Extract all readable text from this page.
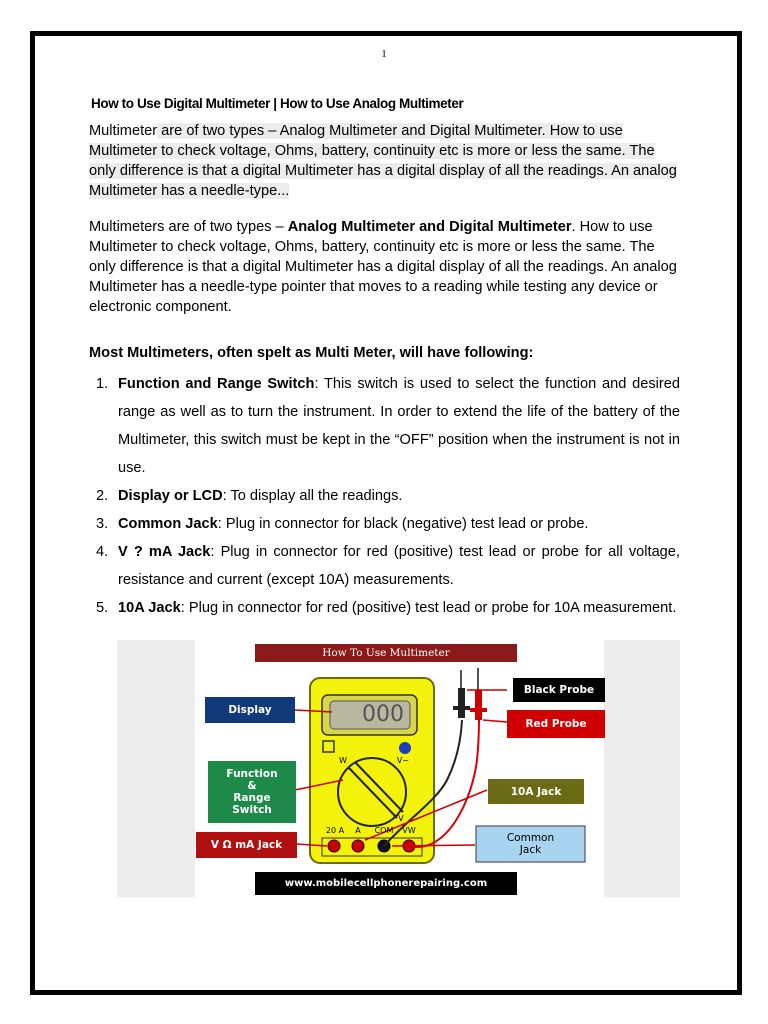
1
How to Use Digital Multimeter | How to Use Analog Multimeter
Multimeter are of two types – Analog Multimeter and Digital Multimeter. How to use Multimeter to check voltage, Ohms, battery, continuity etc is more or less the same. The only difference is that a digital Multimeter has a digital display of all the readings. An analog Multimeter has a needle-type...
Multimeters are of two types – Analog Multimeter and Digital Multimeter. How to use Multimeter to check voltage, Ohms, battery, continuity etc is more or less the same. The only difference is that a digital Multimeter has a digital display of all the readings. An analog Multimeter has a needle-type pointer that moves to a reading while testing any device or electronic component.
Most Multimeters, often spelt as Multi Meter, will have following:
1. Function and Range Switch: This switch is used to select the function and desired range as well as to turn the instrument. In order to extend the life of the battery of the Multimeter, this switch must be kept in the “OFF” position when the instrument is not in use.
2. Display or LCD: To display all the readings.
3. Common Jack: Plug in connector for black (negative) test lead or probe.
4. V ? mA Jack: Plug in connector for red (positive) test lead or probe for all voltage, resistance and current (except 10A) measurements.
5. 10A Jack: Plug in connector for red (positive) test lead or probe for 10A measurement.
How To Use Multimeter
000
Display
Function
&
Range
Switch
V Ω mA Jack
Black Probe
Red Probe
10A Jack
Common
Jack
www.mobilecellphonerepairing.com
20 A	A	COM	VW
W	V~
V
